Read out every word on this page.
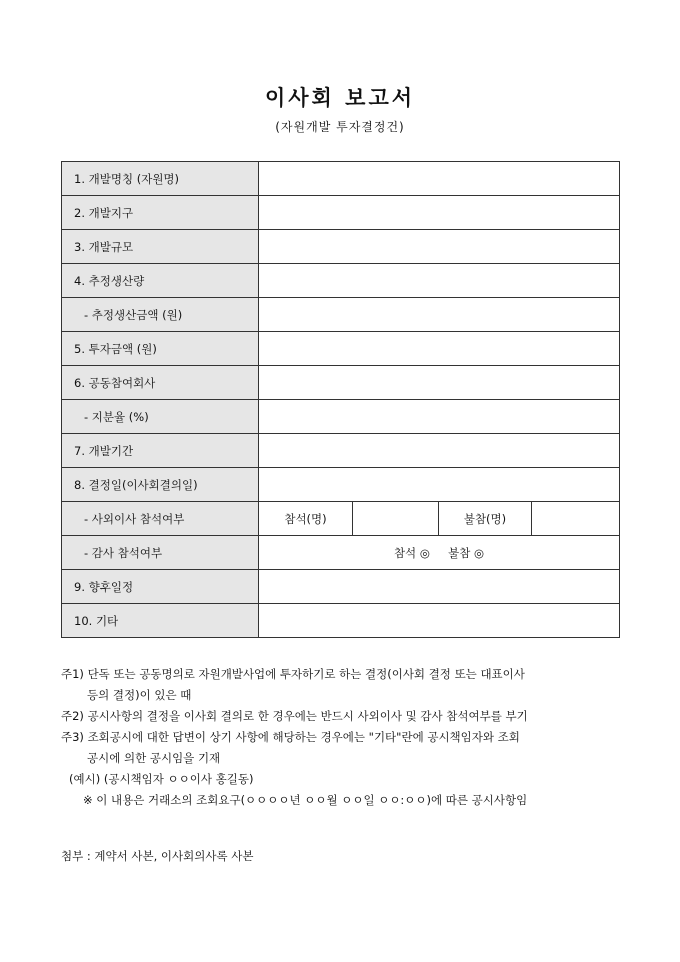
이사회 보고서
(자원개발 투자결정건)
1. 개발명칭 (자원명)				
2. 개발지구				
3. 개발규모				
4. 추정생산량				
- 추정생산금액 (원)				
5. 투자금액 (원)				
6. 공동참여회사				
- 지분율 (%)				
7. 개발기간				
8. 결정일(이사회결의일)				
- 사외이사 참석여부	참석(명)		불참(명)	
- 감사 참석여부	참석 ◎     불참 ◎			
9. 향후일정				
10. 기타				
주1) 단독 또는 공동명의로 자원개발사업에 투자하기로 하는 결정(이사회 결정 또는 대표이사
등의 결정)이 있은 때
주2) 공시사항의 결정을 이사회 결의로 한 경우에는 반드시 사외이사 및 감사 참석여부를 부기
주3) 조회공시에 대한 답변이 상기 사항에 해당하는 경우에는 "기타"란에 공시책임자와 조회
공시에 의한 공시임을 기재
(예시) (공시책임자 ㅇㅇ이사 홍길동)
※ 이 내용은 거래소의 조회요구(ㅇㅇㅇㅇ년 ㅇㅇ월 ㅇㅇ일 ㅇㅇ:ㅇㅇ)에 따른 공시사항임
첨부 : 계약서 사본, 이사회의사록 사본
